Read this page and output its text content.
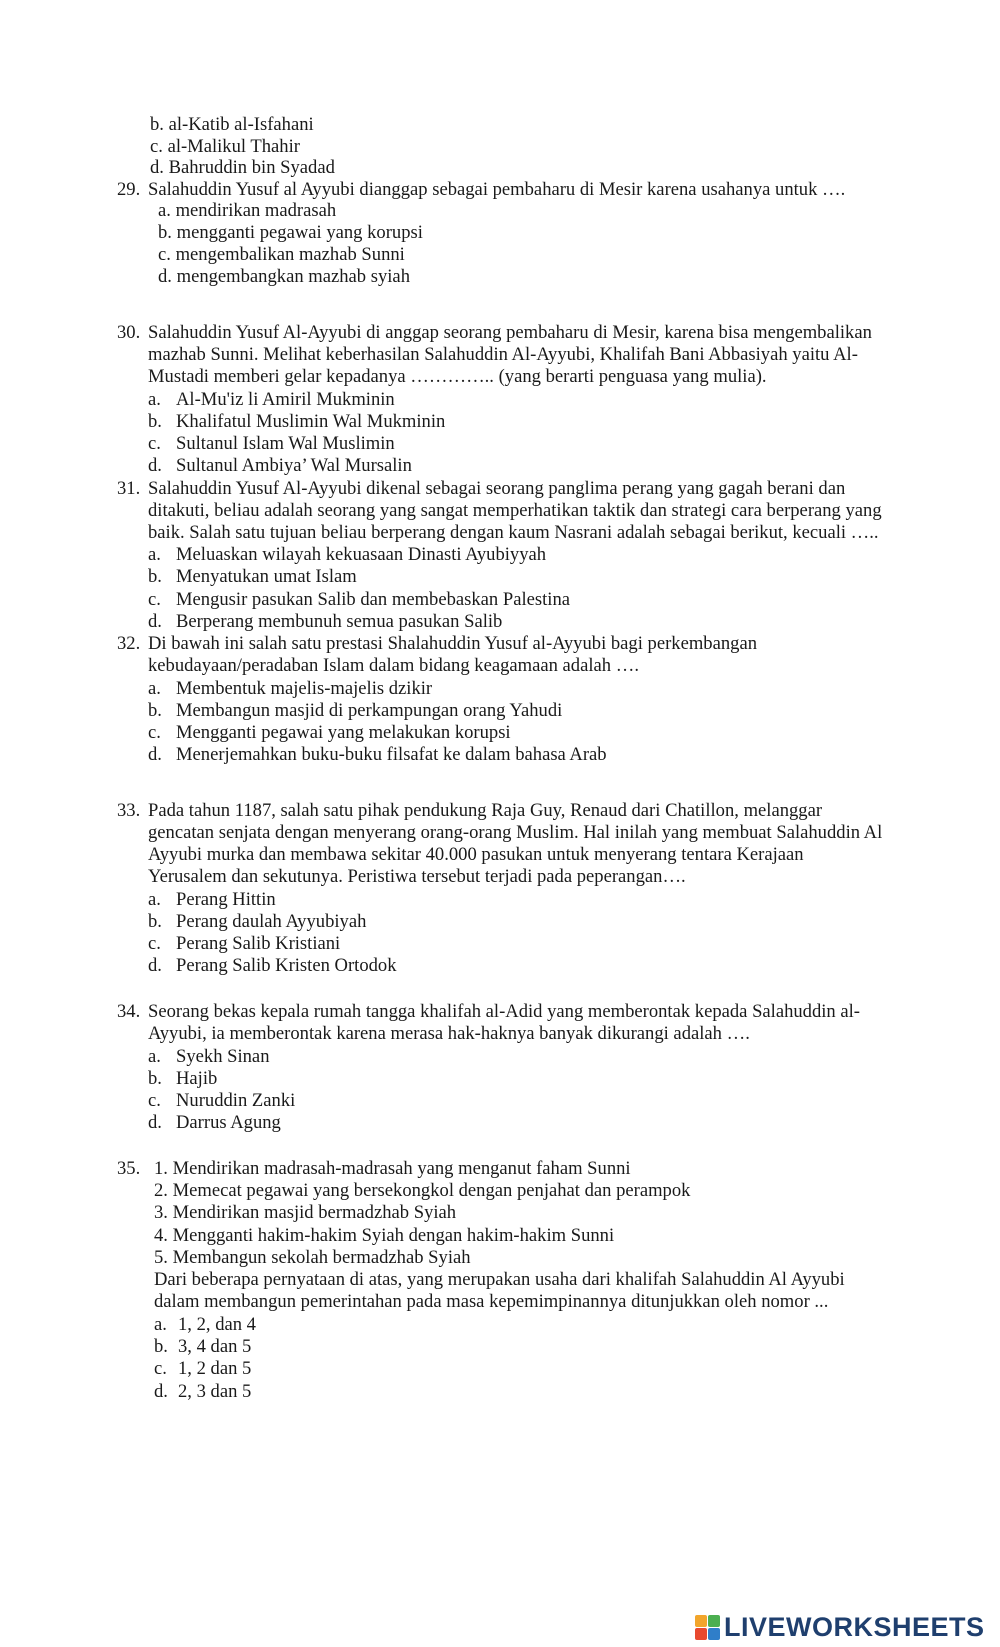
b. al-Katib al-Isfahani
c. al-Malikul Thahir
d. Bahruddin bin Syadad
29. Salahuddin Yusuf al Ayyubi dianggap sebagai pembaharu di Mesir karena usahanya untuk ….
a. mendirikan madrasah
b. mengganti pegawai yang korupsi
c. mengembalikan mazhab Sunni
d. mengembangkan mazhab syiah
30. Salahuddin Yusuf Al-Ayyubi di anggap seorang pembaharu di Mesir, karena bisa mengembalikan
mazhab Sunni. Melihat keberhasilan Salahuddin Al-Ayyubi, Khalifah Bani Abbasiyah yaitu Al-
Mustadi memberi gelar kepadanya ………….. (yang berarti penguasa yang mulia).
a. Al-Mu'iz li Amiril Mukminin
b. Khalifatul Muslimin Wal Mukminin
c. Sultanul Islam Wal Muslimin
d. Sultanul Ambiya’ Wal Mursalin
31. Salahuddin Yusuf Al-Ayyubi dikenal sebagai seorang panglima perang yang gagah berani dan
ditakuti, beliau adalah seorang yang sangat memperhatikan taktik dan strategi cara berperang yang
baik. Salah satu tujuan beliau berperang dengan kaum Nasrani adalah sebagai berikut, kecuali …..
a. Meluaskan wilayah kekuasaan Dinasti Ayubiyyah
b. Menyatukan umat Islam
c. Mengusir pasukan Salib dan membebaskan Palestina
d. Berperang membunuh semua pasukan Salib
32. Di bawah ini salah satu prestasi Shalahuddin Yusuf al-Ayyubi bagi perkembangan
kebudayaan/peradaban Islam dalam bidang keagamaan adalah ….
a. Membentuk majelis-majelis dzikir
b. Membangun masjid di perkampungan orang Yahudi
c. Mengganti pegawai yang melakukan korupsi
d. Menerjemahkan buku-buku filsafat ke dalam bahasa Arab
33. Pada tahun 1187, salah satu pihak pendukung Raja Guy, Renaud dari Chatillon, melanggar
gencatan senjata dengan menyerang orang-orang Muslim. Hal inilah yang membuat Salahuddin Al
Ayyubi murka dan membawa sekitar 40.000 pasukan untuk menyerang tentara Kerajaan
Yerusalem dan sekutunya. Peristiwa tersebut terjadi pada peperangan….
a. Perang Hittin
b. Perang daulah Ayyubiyah
c. Perang Salib Kristiani
d. Perang Salib Kristen Ortodok
34. Seorang bekas kepala rumah tangga khalifah al-Adid yang memberontak kepada Salahuddin al-
Ayyubi, ia memberontak karena merasa hak-haknya banyak dikurangi adalah ….
a. Syekh Sinan
b. Hajib
c. Nuruddin Zanki
d. Darrus Agung
35. 1. Mendirikan madrasah-madrasah yang menganut faham Sunni
2. Memecat pegawai yang bersekongkol dengan penjahat dan perampok
3. Mendirikan masjid bermadzhab Syiah
4. Mengganti hakim-hakim Syiah dengan hakim-hakim Sunni
5. Membangun sekolah bermadzhab Syiah
Dari beberapa pernyataan di atas, yang merupakan usaha dari khalifah Salahuddin Al Ayyubi
dalam membangun pemerintahan pada masa kepemimpinannya ditunjukkan oleh nomor ...
a. 1, 2, dan 4
b. 3, 4 dan 5
c. 1, 2 dan 5
d. 2, 3 dan 5
LIVEWORKSHEETS
